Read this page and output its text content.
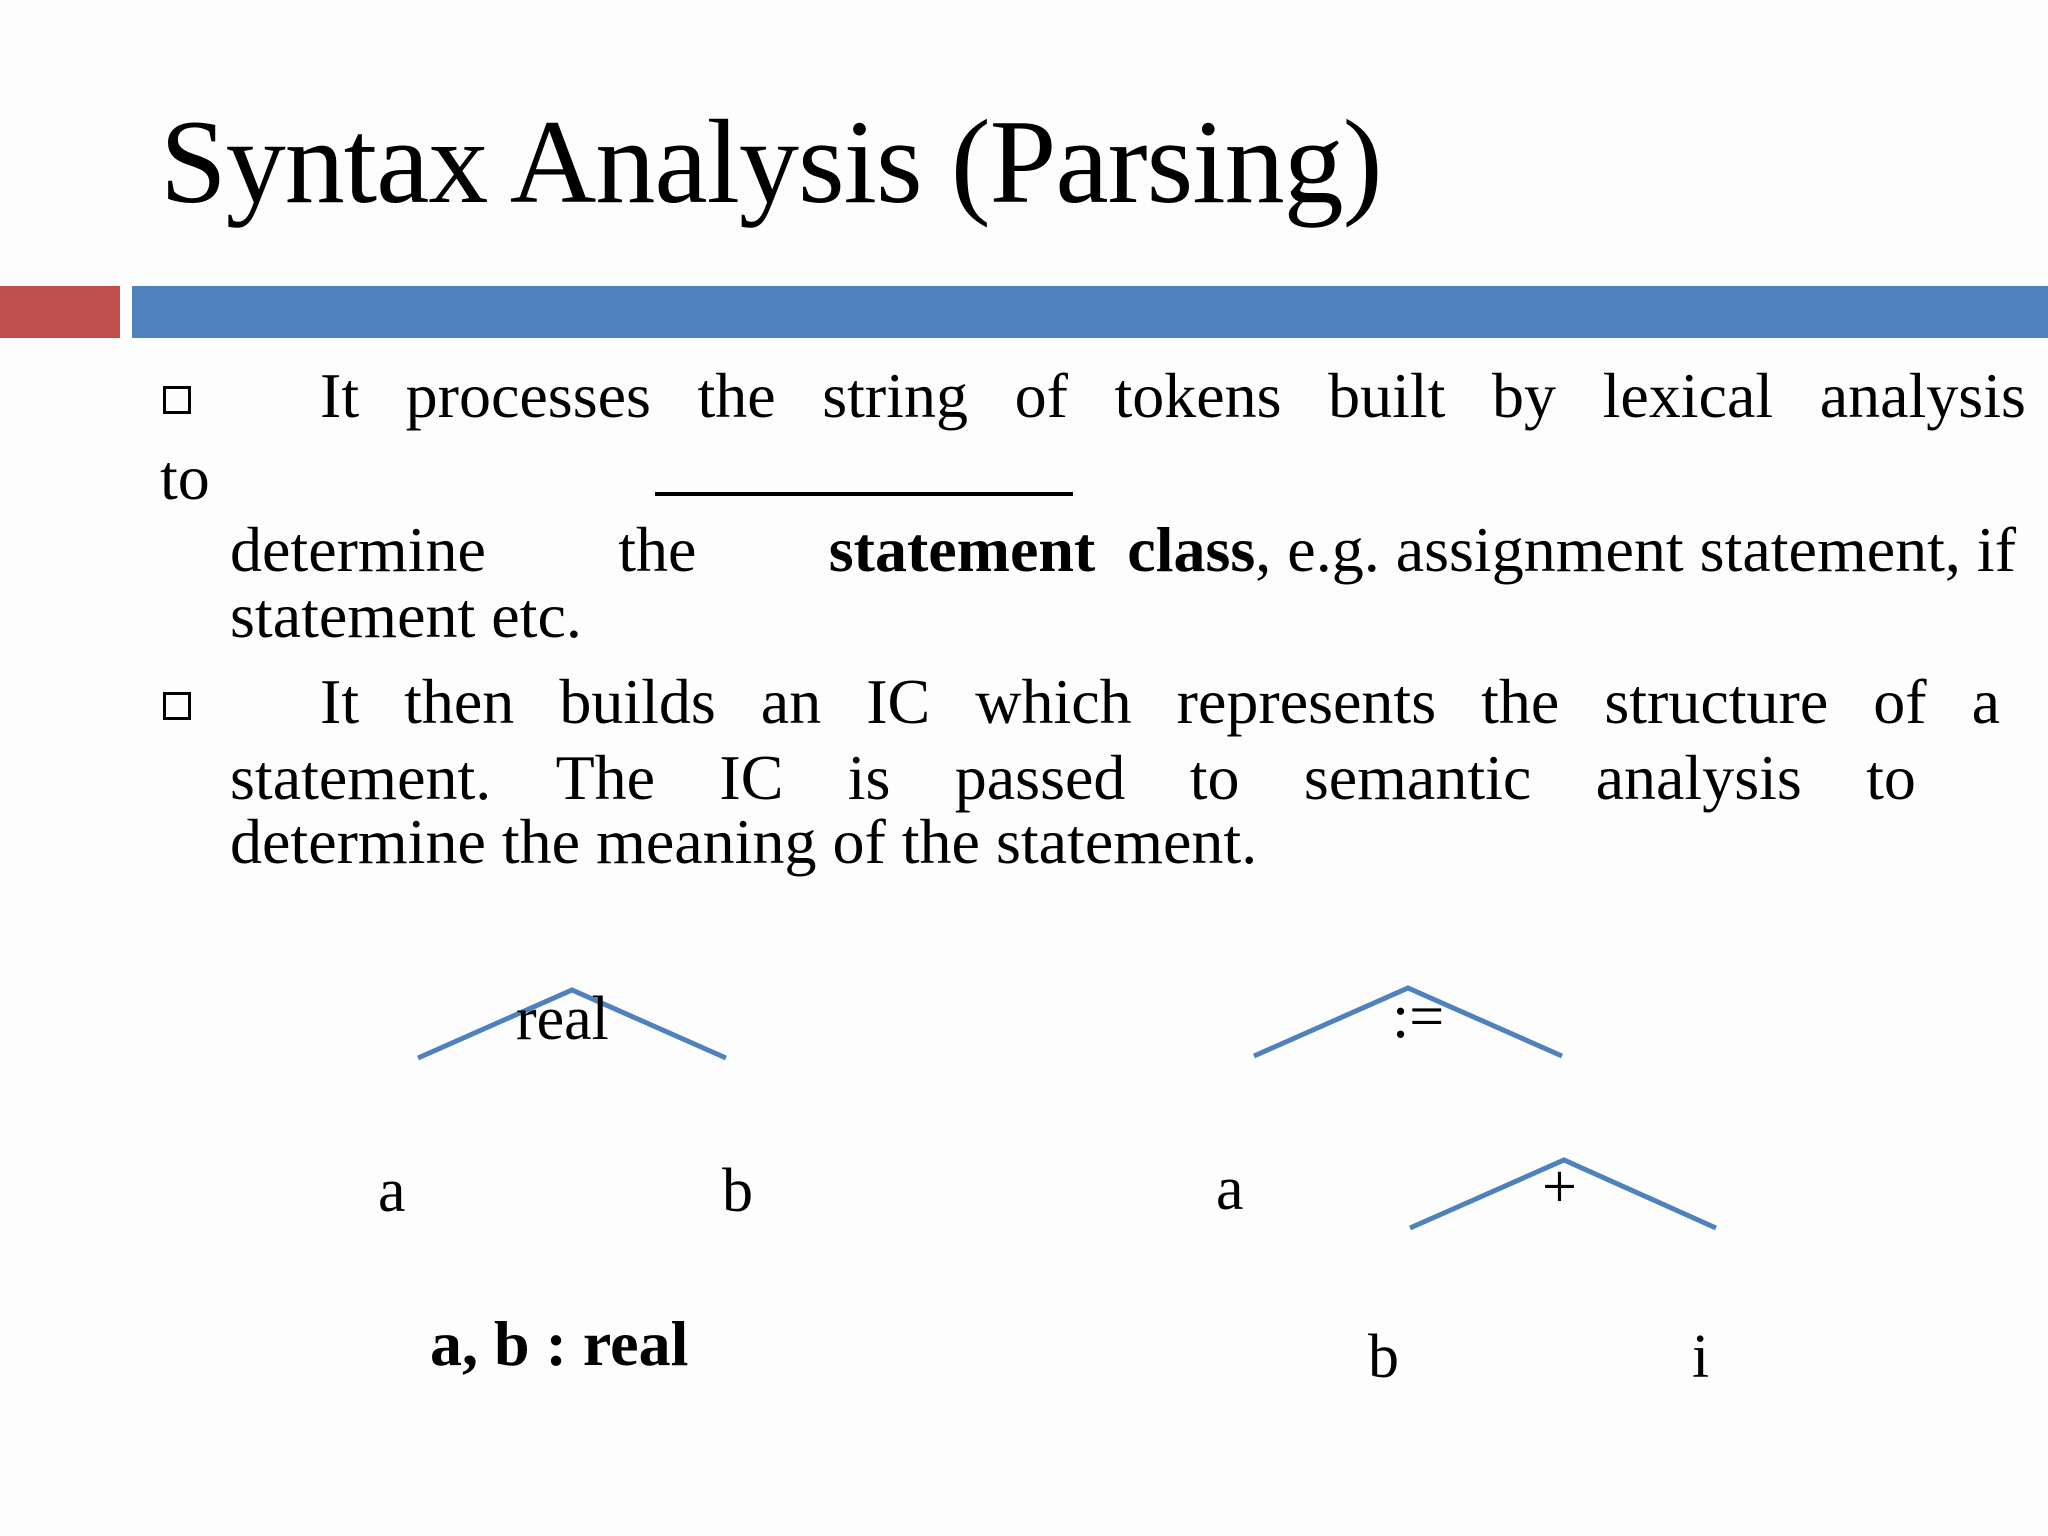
Syntax Analysis (Parsing)
It processes the string of tokens built by lexical analysis
to
determine the statement class, e.g. assignment statement, if
statement etc.
It then builds an IC which represents the structure of a
statement. The IC is passed to semantic analysis to
determine the meaning of the statement.
real
a	b
a, b : real
:=
a	+
b	i
